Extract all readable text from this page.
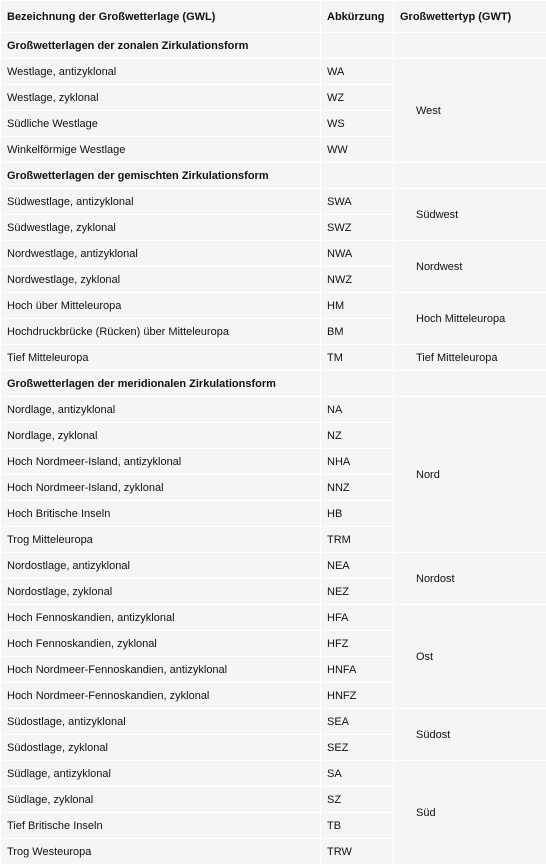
Bezeichnung der Großwetterlage (GWL)	Abkürzung	Großwettertyp (GWT)
Großwetterlagen der zonalen Zirkulationsform		
Westlage, antizyklonal	WA	West
Westlage, zyklonal	WZ	
Südliche Westlage	WS	
Winkelförmige Westlage	WW	
Großwetterlagen der gemischten Zirkulationsform		
Südwestlage, antizyklonal	SWA	Südwest
Südwestlage, zyklonal	SWZ	
Nordwestlage, antizyklonal	NWA	Nordwest
Nordwestlage, zyklonal	NWZ	
Hoch über Mitteleuropa	HM	Hoch Mitteleuropa
Hochdruckbrücke (Rücken) über Mitteleuropa	BM	
Tief Mitteleuropa	TM	Tief Mitteleuropa
Großwetterlagen der meridionalen Zirkulationsform		
Nordlage, antizyklonal	NA	Nord
Nordlage, zyklonal	NZ	
Hoch Nordmeer-Island, antizyklonal	NHA	
Hoch Nordmeer-Island, zyklonal	NNZ	
Hoch Britische Inseln	HB	
Trog Mitteleuropa	TRM	
Nordostlage, antizyklonal	NEA	Nordost
Nordostlage, zyklonal	NEZ	
Hoch Fennoskandien, antizyklonal	HFA	Ost
Hoch Fennoskandien, zyklonal	HFZ	
Hoch Nordmeer-Fennoskandien, antizyklonal	HNFA	
Hoch Nordmeer-Fennoskandien, zyklonal	HNFZ	
Südostlage, antizyklonal	SEA	Südost
Südostlage, zyklonal	SEZ	
Südlage, antizyklonal	SA	Süd
Südlage, zyklonal	SZ	
Tief Britische Inseln	TB	
Trog Westeuropa	TRW	
